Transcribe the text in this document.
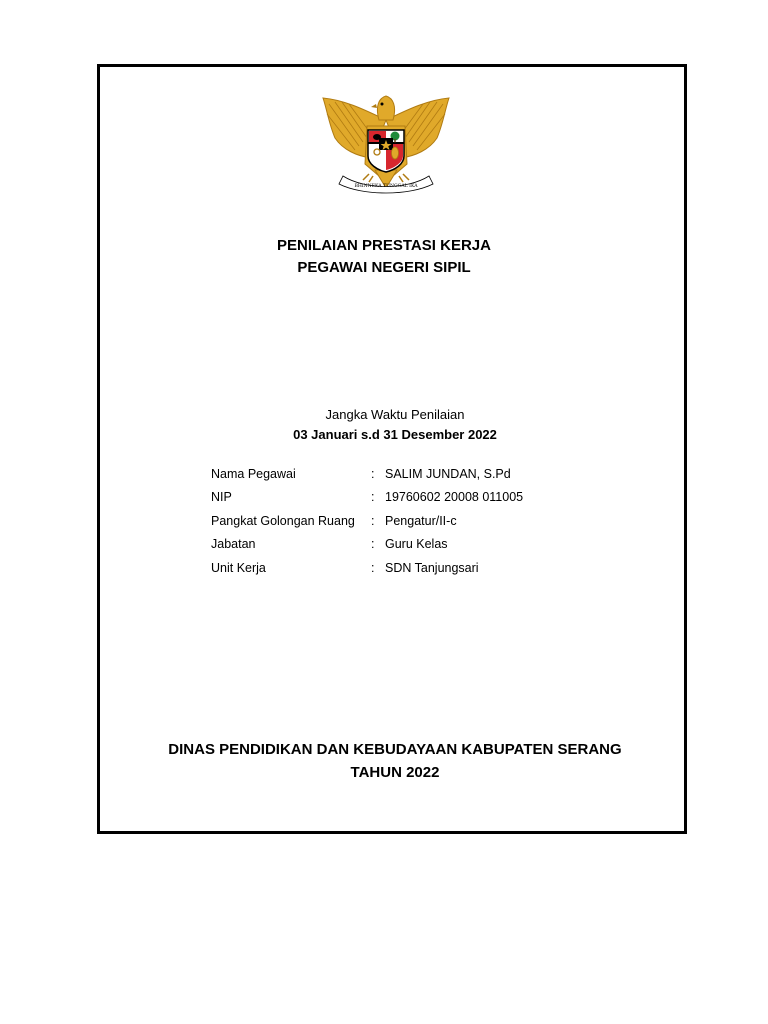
BHINNEKA TUNGGAL IKA
PENILAIAN PRESTASI KERJA
PEGAWAI NEGERI SIPIL
Jangka Waktu Penilaian
03 Januari s.d 31 Desember 2022
Nama Pegawai	: SALIM JUNDAN, S.Pd
NIP	: 19760602 20008 011005
Pangkat Golongan Ruang	: Pengatur/II-c
Jabatan	: Guru Kelas
Unit Kerja	: SDN Tanjungsari
DINAS PENDIDIKAN DAN KEBUDAYAAN KABUPATEN SERANG
TAHUN 2022
